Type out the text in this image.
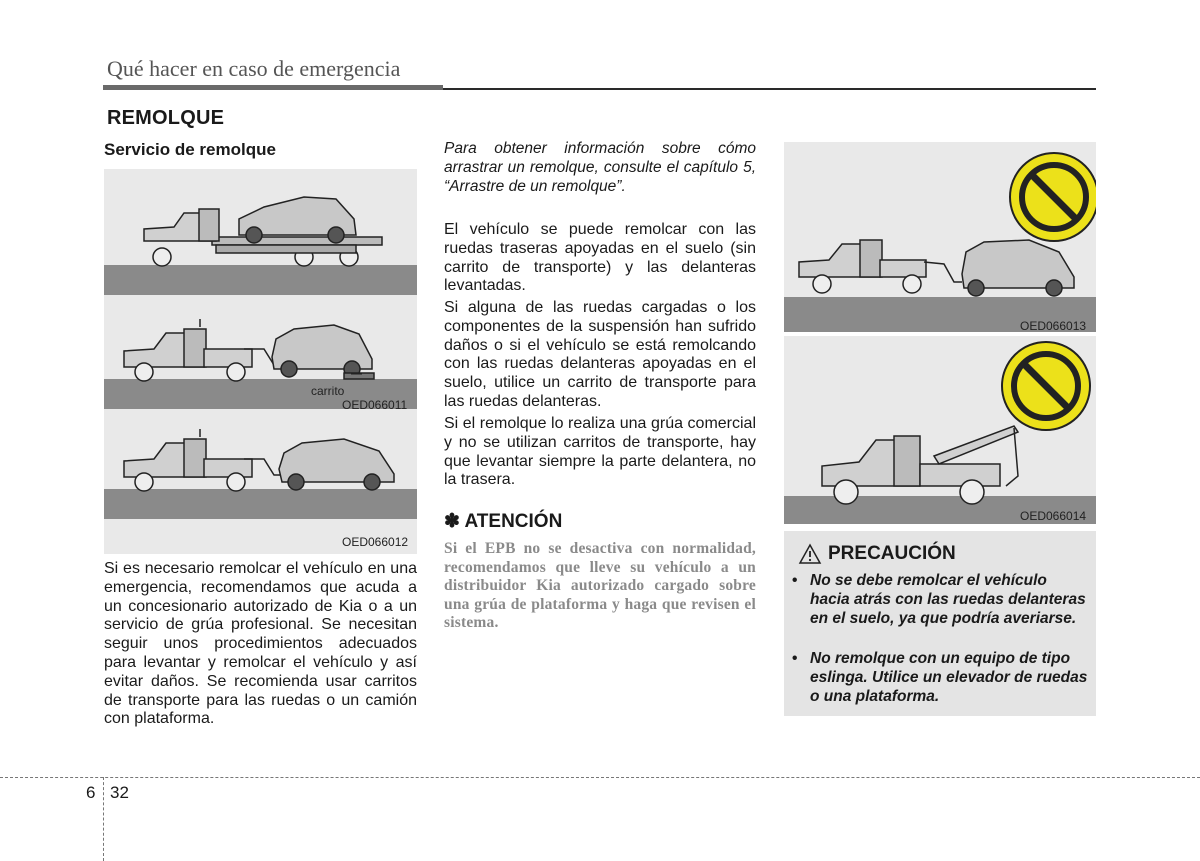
Qué hacer en caso de emergencia
REMOLQUE
Servicio de remolque
carrito
OED066011
OED066012
Si es necesario remolcar el vehículo en una emergencia, recomendamos que acuda a un concesionario autorizado de Kia o a un servicio de grúa profesional. Se necesitan seguir unos procedimientos adecuados para levantar y remolcar el vehículo y así evitar daños. Se recomienda usar carritos de transporte para las ruedas o un camión con plataforma.
Para obtener información sobre cómo arrastrar un remolque, consulte el capítulo 5, “Arrastre de un remolque”.
El vehículo se puede remolcar con las ruedas traseras apoyadas en el suelo (sin carrito de transporte) y las delanteras levantadas.
Si alguna de las ruedas cargadas o los componentes de la suspensión han sufrido daños o si el vehículo se está remolcando con las ruedas delanteras apoyadas en el suelo, utilice un carrito de transporte para las ruedas delanteras.
Si el remolque lo realiza una grúa comercial y no se utilizan carritos de transporte, hay que levantar siempre la parte delantera, no la trasera.
✽ ATENCIÓN
Si el EPB no se desactiva con normalidad, recomendamos que lleve su vehículo a un distribuidor Kia autorizado cargado sobre una grúa de plataforma y haga que revisen el sistema.
OED066013
OED066014
PRECAUCIÓN
• No se debe remolcar el vehículo hacia atrás con las ruedas delanteras en el suelo, ya que podría averiarse.
• No remolque con un equipo de tipo eslinga. Utilice un elevador de ruedas o una plataforma.
6 32
